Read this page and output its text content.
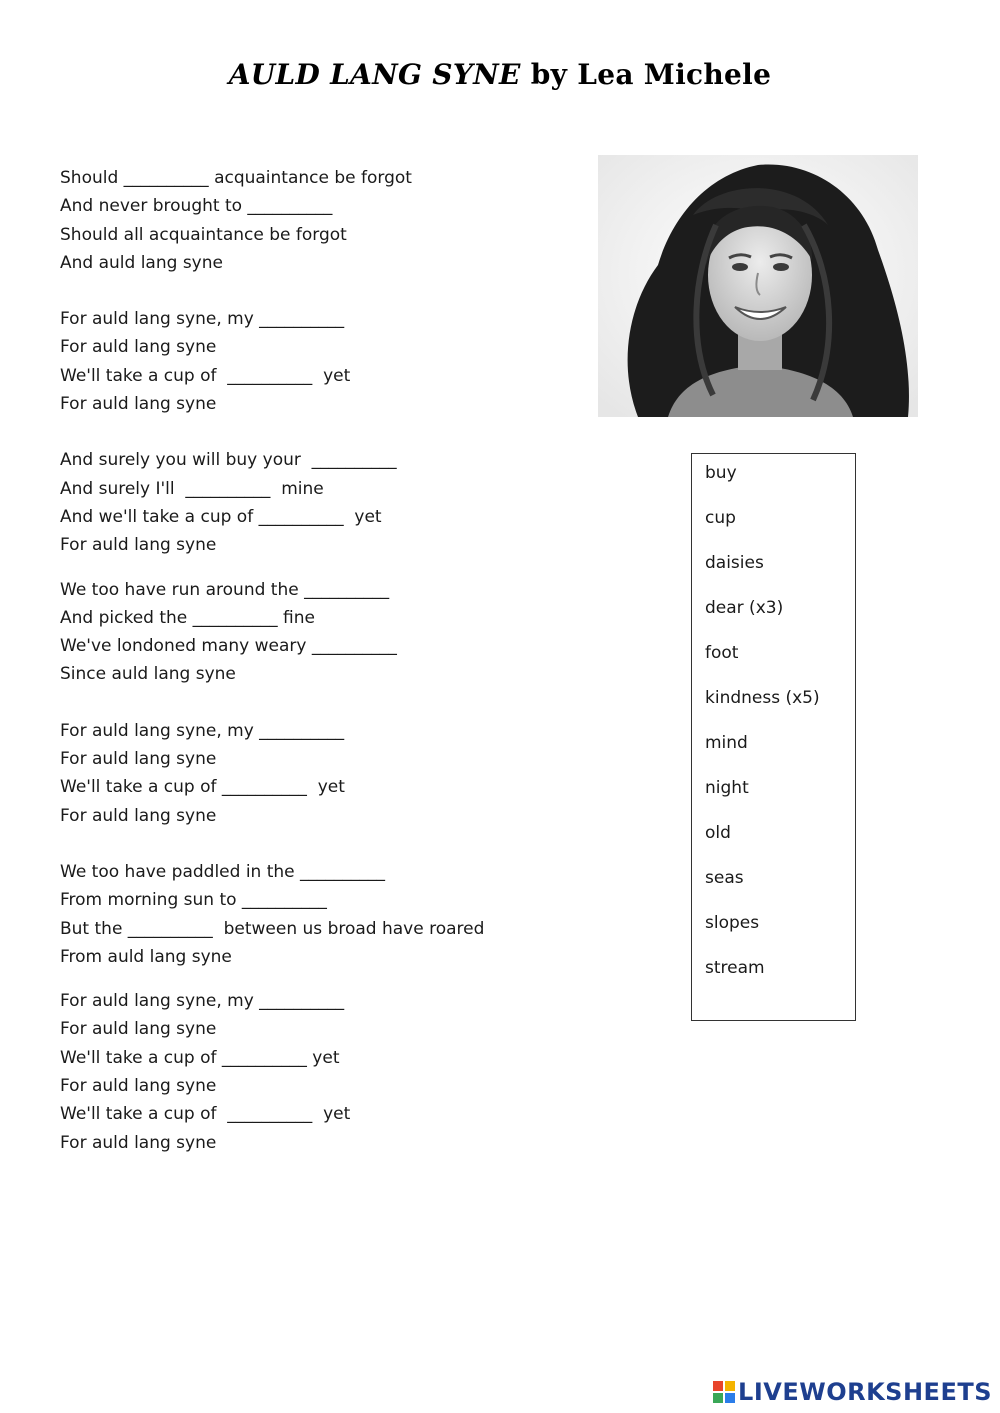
AULD LANG SYNE by Lea Michele
Should __________ acquaintance be forgot
And never brought to __________
Should all acquaintance be forgot
And auld lang syne
For auld lang syne, my __________
For auld lang syne
We'll take a cup of  __________  yet
For auld lang syne
And surely you will buy your  __________
And surely I'll  __________  mine
And we'll take a cup of __________  yet
For auld lang syne
We too have run around the __________
And picked the __________ fine
We've londoned many weary __________
Since auld lang syne
For auld lang syne, my __________
For auld lang syne
We'll take a cup of __________  yet
For auld lang syne
We too have paddled in the __________
From morning sun to __________
But the __________  between us broad have roared
From auld lang syne
For auld lang syne, my __________
For auld lang syne
We'll take a cup of __________ yet
For auld lang syne
We'll take a cup of  __________  yet
For auld lang syne
buy
cup
daisies
dear (x3)
foot
kindness (x5)
mind
night
old
seas
slopes
stream
LIVEWORKSHEETS
